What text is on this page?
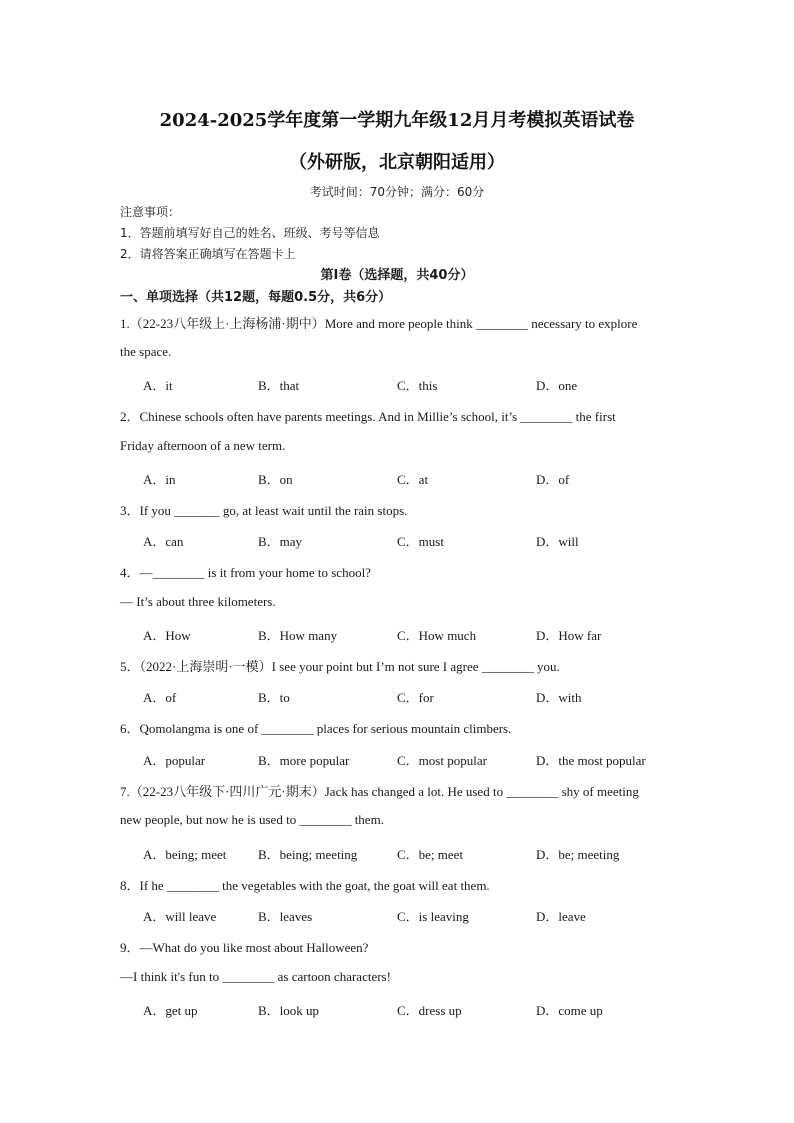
2024-2025学年度第一学期九年级12月月考模拟英语试卷
（外研版，北京朝阳适用）
考试时间：70分钟；满分：60分
注意事项：
1．答题前填写好自己的姓名、班级、考号等信息
2．请将答案正确填写在答题卡上
第I卷（选择题，共40分）
一、单项选择（共12题，每题0.5分，共6分）
1.（22-23八年级上·上海杨浦·期中）More and more people think ________ necessary to explore
the space.
A．it	B．that	C．this	D．one
2．Chinese schools often have parents meetings. And in Millie’s school, it’s ________ the first
Friday afternoon of a new term.
A．in	B．on	C．at	D．of
3．If you _______ go, at least wait until the rain stops.
A．can	B．may	C．must	D．will
4．—________ is it from your home to school?
— It’s about three kilometers.
A．How	B．How many	C．How much	D．How far
5．（2022·上海崇明·一模）I see your point but I’m not sure I agree ________ you.
A．of	B．to	C．for	D．with
6．Qomolangma is one of ________ places for serious mountain climbers.
A．popular	B．more popular	C．most popular	D．the most popular
7.（22-23八年级下·四川广元·期末）Jack has changed a lot. He used to ________ shy of meeting
new people, but now he is used to ________ them.
A．being; meet B．being; meeting	C．be; meet	D．be; meeting
8．If he ________ the vegetables with the goat, the goat will eat them.
A．will leave	B．leaves	C．is leaving	D．leave
9．—What do you like most about Halloween?
—I think it's fun to ________ as cartoon characters!
A．get up	B．look up	C．dress up	D．come up
